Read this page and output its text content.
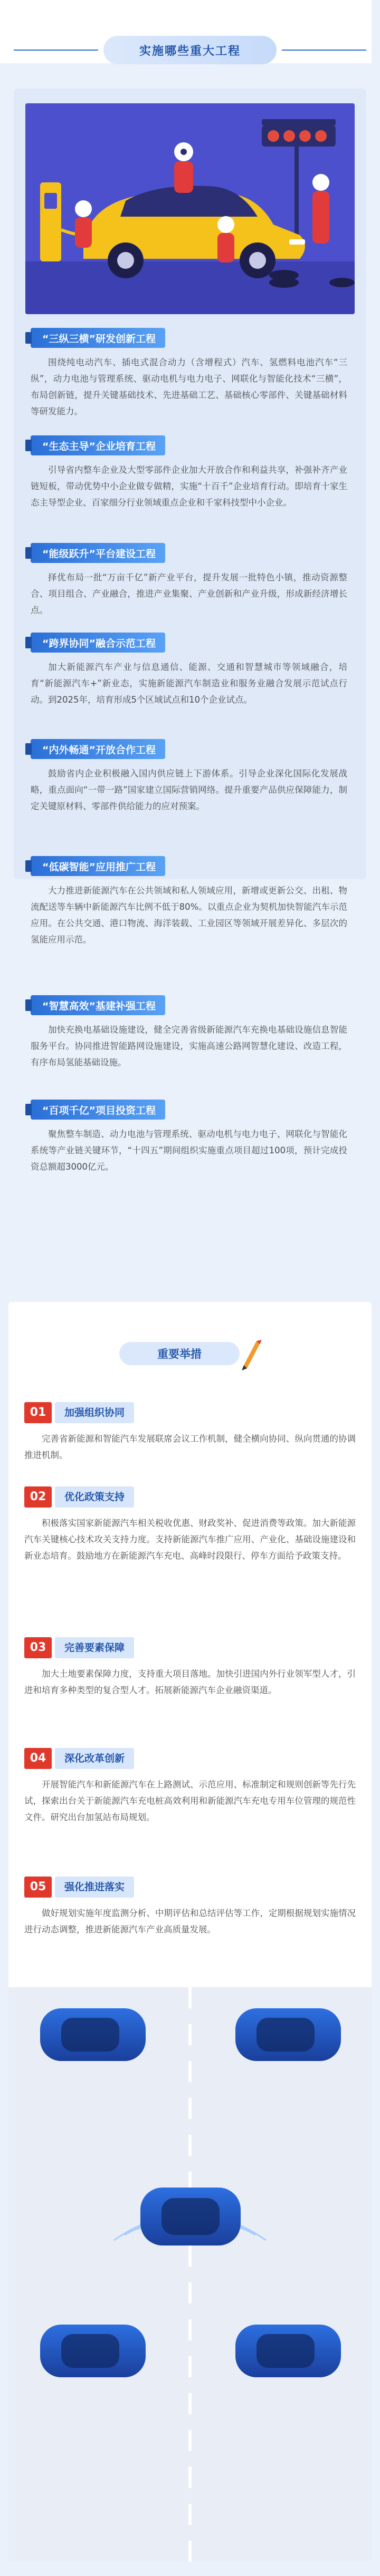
实施哪些重大工程
“三纵三横” 研发创新工程

围绕纯电动汽车、插电式混合动力（含增程式）汽车、氢燃料电池汽车“三纵”，动力电池与管理系统、驱动电机与电力电子、网联化与智能化技术“三横”，布局创新链，提升关键基础技术、先进基础工艺、基础核心零部件、关键基础材料等研发能力。

“生态主导” 企业培育工程

引导省内整车企业及大型零部件企业加大开放合作和利益共享，补强补齐产业链短板，带动优势中小企业做专做精，实施“十百千”企业培育行动。即培育十家生态主导型企业、百家细分行业领域重点企业和千家科技型中小企业。

“能级跃升” 平台建设工程

择优布局一批“万亩千亿”新产业平台，提升发展一批特色小镇，推动资源整合、项目组合、产业融合，推进产业集聚、产业创新和产业升级，形成新经济增长点。

“跨界协同” 融合示范工程

加大新能源汽车产业与信息通信、能源、交通和智慧城市等领域融合，培育“新能源汽车+”新业态，实施新能源汽车制造业和服务业融合发展示范试点行动。到2025年，培育形成5个区域试点和10个企业试点。

“内外畅通” 开放合作工程

鼓励省内企业积极融入国内供应链上下游体系。引导企业深化国际化发展战略，重点面向“一带一路”国家建立国际营销网络。提升重要产品供应保障能力，制定关键原材料、零部件供给能力的应对预案。

“低碳智能” 应用推广工程

大力推进新能源汽车在公共领域和私人领域应用，新增或更新公交、出租、物流配送等车辆中新能源汽车比例不低于80%。以重点企业为契机加快智能汽车示范应用。在公共交通、港口物流、海洋装载、工业园区等领域开展差异化、多层次的氢能应用示范。

“智慧高效” 基建补强工程

加快充换电基础设施建设，健全完善省级新能源汽车充换电基础设施信息智能服务平台。协同推进智能路网设施建设，实施高速公路网智慧化建设、改造工程，有序布局氢能基础设施。

“百项千亿” 项目投资工程

聚焦整车制造、动力电池与管理系统、驱动电机与电力电子、网联化与智能化系统等产业链关键环节，“十四五”期间组织实施重点项目超过100项，预计完成投资总额超3000亿元。

重要举措
01 加强组织协同

完善省新能源和智能汽车发展联席会议工作机制，健全横向协同、纵向贯通的协调推进机制。

02 优化政策支持

积极落实国家新能源汽车相关税收优惠、财政奖补、促进消费等政策。加大新能源汽车关键核心技术攻关支持力度。支持新能源汽车推广应用、产业化、基础设施建设和新业态培育。鼓励地方在新能源汽车充电、高峰时段限行、停车方面给予政策支持。

03 完善要素保障

加大土地要素保障力度，支持重大项目落地。加快引进国内外行业领军型人才，引进和培育多种类型的复合型人才。拓展新能源汽车企业融资渠道。

04 深化改革创新

开展智能汽车和新能源汽车在上路测试、示范应用、标准制定和规则创新等先行先试，探索出台关于新能源汽车充电桩高效利用和新能源汽车充电专用车位管理的规范性文件。研究出台加氢站布局规划。

05 强化推进落实

做好规划实施年度监测分析、中期评估和总结评估等工作，定期根据规划实施情况进行动态调整，推进新能源汽车产业高质量发展。
